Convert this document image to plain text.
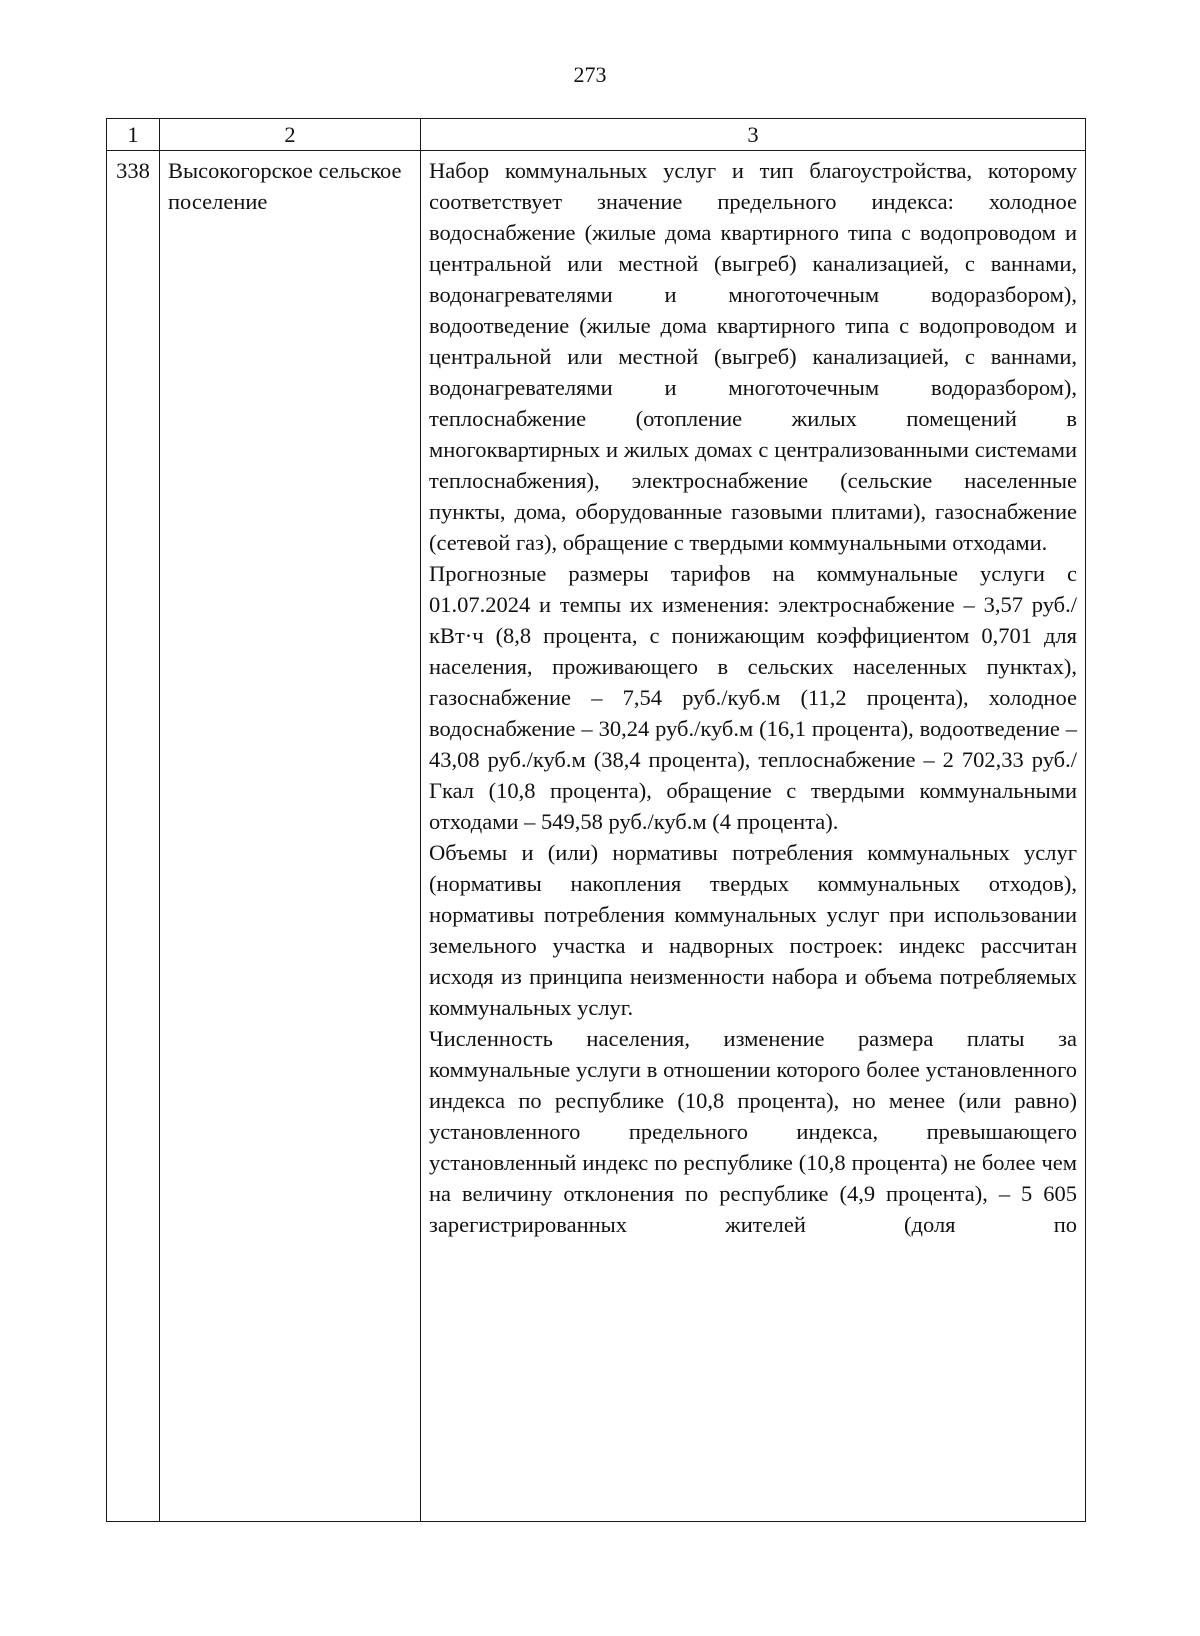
273
1	2	3
338	Высокогорское сельское поселение	Набор коммунальных услуг и тип благоустройства, которому соответствует значение предельного индекса: холодное водоснабжение (жилые дома квартирного типа с водопроводом и центральной или местной (выгреб) канализацией, с ваннами, водонагревателями и многоточечным водоразбором), водоотведение (жилые дома квартирного типа с водопроводом и центральной или местной (выгреб) канализацией, с ваннами, водонагревателями и многоточечным водоразбором), теплоснабжение (отопление жилых помещений в многоквартирных и жилых домах с централизованными системами теплоснабжения), электроснабжение (сельские населенные пункты, дома, оборудованные газовыми плитами), газоснабжение (сетевой газ), обращение с твердыми коммунальными отходами.

Прогнозные размеры тарифов на коммунальные услуги с 01.07.2024 и темпы их изменения: электроснабжение – 3,57 руб./кВт·ч (8,8 процента, с понижающим коэффициентом 0,701 для населения, проживающего в сельских населенных пунктах), газоснабжение – 7,54 руб./куб.м (11,2 процента), холодное водоснабжение – 30,24 руб./куб.м (16,1 процента), водоотведение – 43,08 руб./куб.м (38,4 процента), теплоснабжение – 2 702,33 руб./Гкал (10,8 процента), обращение с твердыми коммунальными отходами – 549,58 руб./куб.м (4 процента).

Объемы и (или) нормативы потребления коммунальных услуг (нормативы накопления твердых коммунальных отходов), нормативы потребления коммунальных услуг при использовании земельного участка и надворных построек: индекс рассчитан исходя из принципа неизменности набора и объема потребляемых коммунальных услуг.

Численность населения, изменение размера платы за коммунальные услуги в отношении которого более установленного индекса по республике (10,8 процента), но менее (или равно) установленного предельного индекса, превышающего установленный индекс по республике (10,8 процента) не более чем на величину отклонения по республике (4,9 процента), – 5 605 зарегистрированных жителей (доля по
